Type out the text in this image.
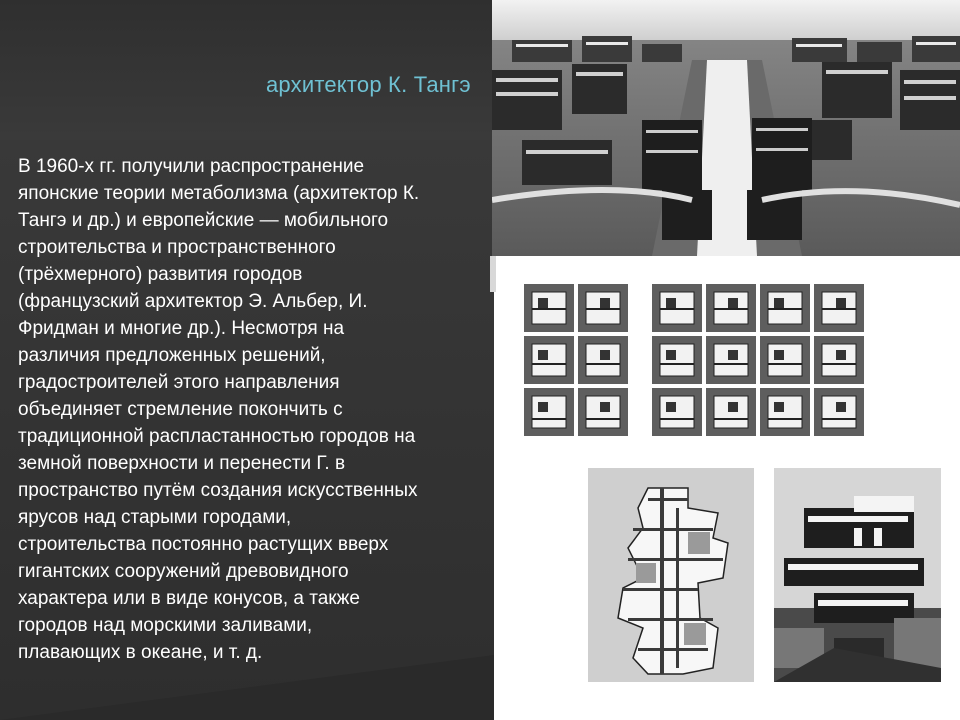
архитектор К. Тангэ
В 1960-х гг. получили распространение
японские теории метаболизма (архитектор К.
Тангэ и др.) и европейские — мобильного
строительства и пространственного
(трёхмерного) развития городов
(французский архитектор Э. Альбер, И.
Фридман и многие др.). Несмотря на
различия предложенных решений,
градостроителей этого направления
объединяет стремление покончить с
традиционной распластанностью городов на
земной поверхности и перенести Г. в
пространство путём создания искусственных
ярусов над старыми городами,
строительства постоянно растущих вверх
гигантских сооружений древовидного
характера или в виде конусов, а также
городов над морскими заливами,
плавающих в океане, и т. д.
